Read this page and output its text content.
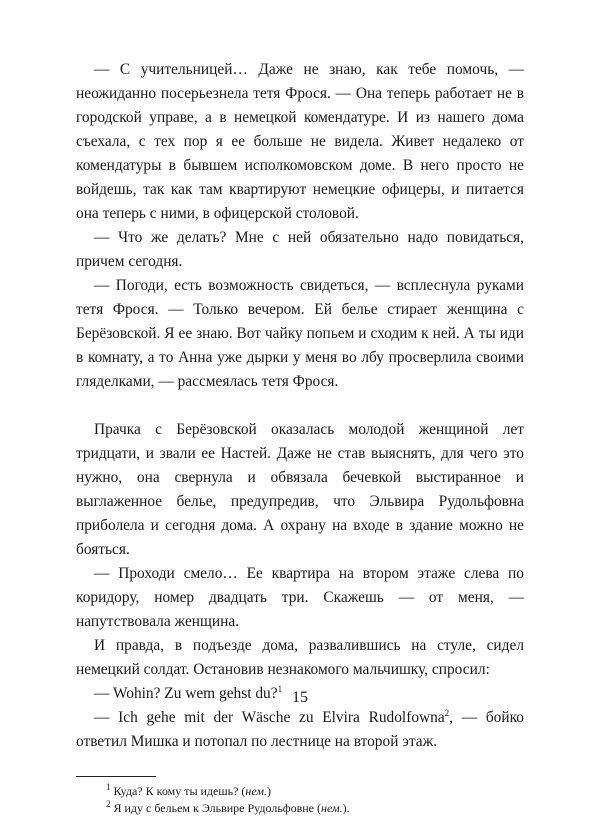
— С учительницей… Даже не знаю, как тебе помочь, — неожиданно посерьезнела тетя Фрося. — Она теперь работает не в городской управе, а в немецкой комендатуре. И из нашего дома съехала, с тех пор я ее больше не видела. Живет недалеко от комендатуры в бывшем исполкомовском доме. В него просто не войдешь, так как там квартируют немецкие офицеры, и питается она теперь с ними, в офицерской столовой.

— Что же делать? Мне с ней обязательно надо повидаться, причем сегодня.

— Погоди, есть возможность свидеться, — всплеснула руками тетя Фрося. — Только вечером. Ей белье стирает женщина с Берёзовской. Я ее знаю. Вот чайку попьем и сходим к ней. А ты иди в комнату, а то Анна уже дырки у меня во лбу просверлила своими гляделками, — рассмеялась тетя Фрося.

Прачка с Берёзовской оказалась молодой женщиной лет тридцати, и звали ее Настей. Даже не став выяснять, для чего это нужно, она свернула и обвязала бечевкой выстиранное и выглаженное белье, предупредив, что Эльвира Рудольфовна приболела и сегодня дома. А охрану на входе в здание можно не бояться.

— Проходи смело… Ее квартира на втором этаже слева по коридору, номер двадцать три. Скажешь — от меня, — напутствовала женщина.

И правда, в подъезде дома, развалившись на стуле, сидел немецкий солдат. Остановив незнакомого мальчишку, спросил:

— Wohin? Zu wem gehst du?$^1$

— Ich gehe mit der Wäsche zu Elvira Rudolfowna$^2$, — бойко ответил Мишка и потопал по лестнице на второй этаж.

$^1$ Куда? К кому ты идешь? (нем.)

$^2$ Я иду с бельем к Эльвире Рудольфовне (нем.).

15
